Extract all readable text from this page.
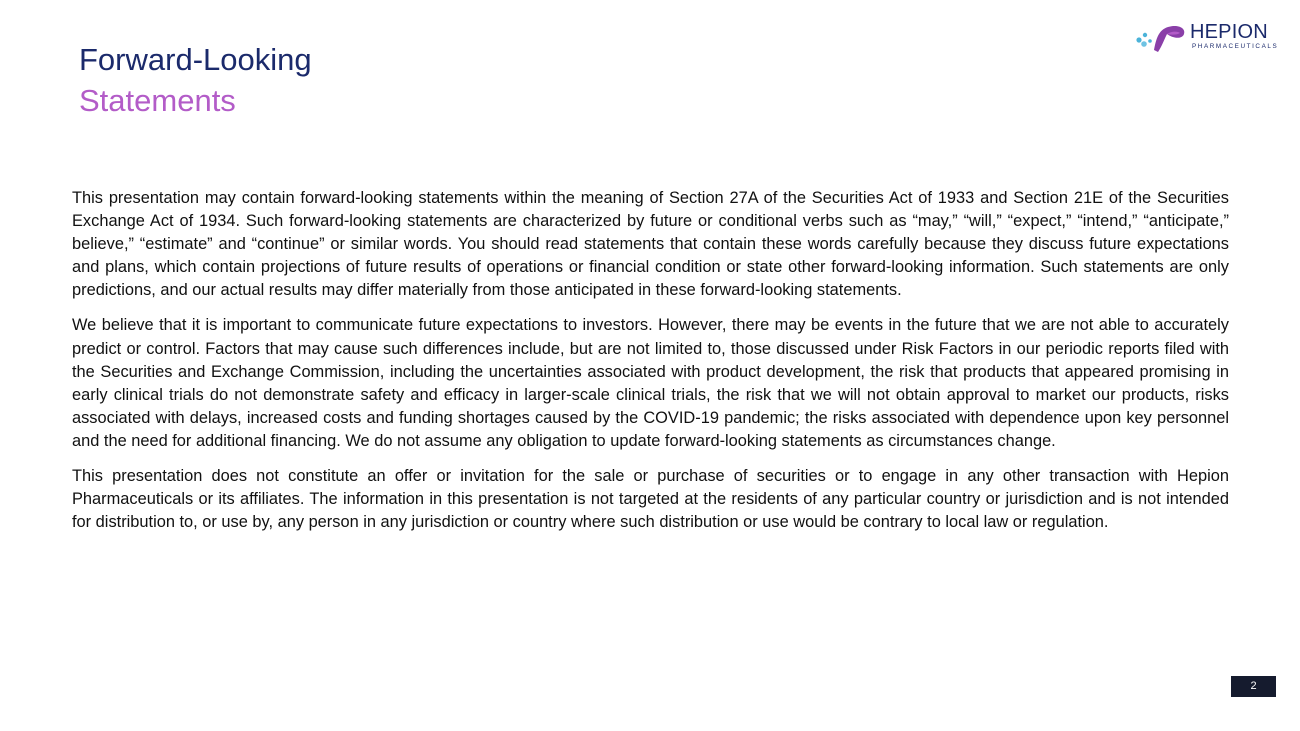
Forward-Looking
Statements
HEPION
PHARMACEUTICALS

This presentation may contain forward-looking statements within the meaning of Section 27A of the Securities Act of 1933 and Section 21E of the Securities Exchange Act of 1934. Such forward-looking statements are characterized by future or conditional verbs such as “may,” “will,” “expect,” “intend,” “anticipate,” believe,” “estimate” and “continue” or similar words. You should read statements that contain these words carefully because they discuss future expectations and plans, which contain projections of future results of operations or financial condition or state other forward-looking information. Such statements are only predictions, and our actual results may differ materially from those anticipated in these forward-looking statements.

We believe that it is important to communicate future expectations to investors. However, there may be events in the future that we are not able to accurately predict or control. Factors that may cause such differences include, but are not limited to, those discussed under Risk Factors in our periodic reports filed with the Securities and Exchange Commission, including the uncertainties associated with product development, the risk that products that appeared promising in early clinical trials do not demonstrate safety and efficacy in larger-scale clinical trials, the risk that we will not obtain approval to market our products, risks associated with delays, increased costs and funding shortages caused by the COVID-19 pandemic; the risks associated with dependence upon key personnel and the need for additional financing. We do not assume any obligation to update forward-looking statements as circumstances change.

This presentation does not constitute an offer or invitation for the sale or purchase of securities or to engage in any other transaction with Hepion Pharmaceuticals or its affiliates. The information in this presentation is not targeted at the residents of any particular country or jurisdiction and is not intended for distribution to, or use by, any person in any jurisdiction or country where such distribution or use would be contrary to local law or regulation.

2
